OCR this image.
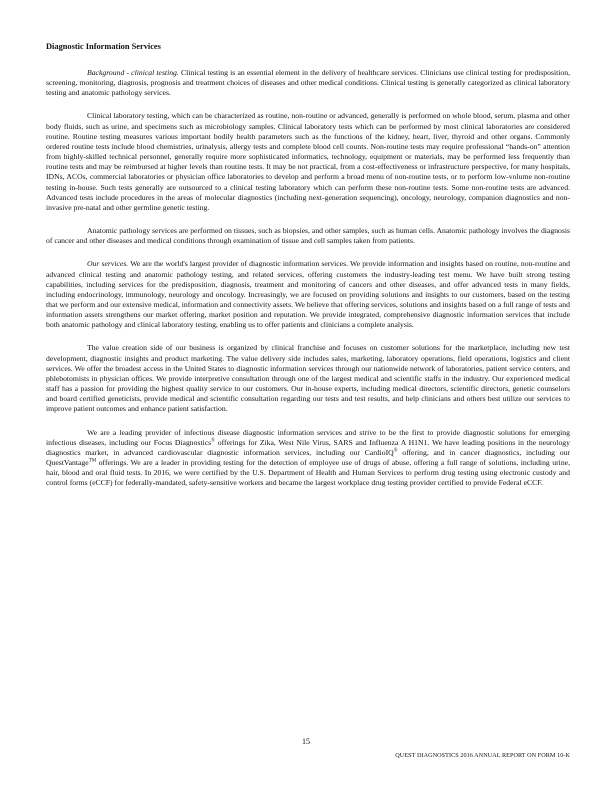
Diagnostic Information Services

Background - clinical testing. Clinical testing is an essential element in the delivery of healthcare services. Clinicians use clinical testing for predisposition, screening, monitoring, diagnosis, prognosis and treatment choices of diseases and other medical conditions. Clinical testing is generally categorized as clinical laboratory testing and anatomic pathology services.

Clinical laboratory testing, which can be characterized as routine, non-routine or advanced, generally is performed on whole blood, serum, plasma and other body fluids, such as urine, and specimens such as microbiology samples. Clinical laboratory tests which can be performed by most clinical laboratories are considered routine. Routine testing measures various important bodily health parameters such as the functions of the kidney, heart, liver, thyroid and other organs. Commonly ordered routine tests include blood chemistries, urinalysis, allergy tests and complete blood cell counts. Non-routine tests may require professional “hands-on” attention from highly-skilled technical personnel, generally require more sophisticated informatics, technology, equipment or materials, may be performed less frequently than routine tests and may be reimbursed at higher levels than routine tests. It may be not practical, from a cost-effectiveness or infrastructure perspective, for many hospitals, IDNs, ACOs, commercial laboratories or physician office laboratories to develop and perform a broad menu of non-routine tests, or to perform low-volume non-routine testing in-house. Such tests generally are outsourced to a clinical testing laboratory which can perform these non-routine tests. Some non-routine tests are advanced. Advanced tests include procedures in the areas of molecular diagnostics (including next-generation sequencing), oncology, neurology, companion diagnostics and non-invasive pre-natal and other germline genetic testing.

Anatomic pathology services are performed on tissues, such as biopsies, and other samples, such as human cells. Anatomic pathology involves the diagnosis of cancer and other diseases and medical conditions through examination of tissue and cell samples taken from patients.

Our services. We are the world's largest provider of diagnostic information services. We provide information and insights based on routine, non-routine and advanced clinical testing and anatomic pathology testing, and related services, offering customers the industry-leading test menu. We have built strong testing capabilities, including services for the predisposition, diagnosis, treatment and monitoring of cancers and other diseases, and offer advanced tests in many fields, including endocrinology, immunology, neurology and oncology. Increasingly, we are focused on providing solutions and insights to our customers, based on the testing that we perform and our extensive medical, information and connectivity assets. We believe that offering services, solutions and insights based on a full range of tests and information assets strengthens our market offering, market position and reputation. We provide integrated, comprehensive diagnostic information services that include both anatomic pathology and clinical laboratory testing, enabling us to offer patients and clinicians a complete analysis.

The value creation side of our business is organized by clinical franchise and focuses on customer solutions for the marketplace, including new test development, diagnostic insights and product marketing. The value delivery side includes sales, marketing, laboratory operations, field operations, logistics and client services. We offer the broadest access in the United States to diagnostic information services through our nationwide network of laboratories, patient service centers, and phlebotomists in physician offices. We provide interpretive consultation through one of the largest medical and scientific staffs in the industry. Our experienced medical staff has a passion for providing the highest quality service to our customers. Our in-house experts, including medical directors, scientific directors, genetic counselors and board certified geneticists, provide medical and scientific consultation regarding our tests and test results, and help clinicians and others best utilize our services to improve patient outcomes and enhance patient satisfaction.

We are a leading provider of infectious disease diagnostic information services and strive to be the first to provide diagnostic solutions for emerging infectious diseases, including our Focus Diagnostics® offerings for Zika, West Nile Virus, SARS and Influenza A H1N1. We have leading positions in the neurology diagnostics market, in advanced cardiovascular diagnostic information services, including our CardioIQ® offering, and in cancer diagnostics, including our QuestVantage™ offerings. We are a leader in providing testing for the detection of employee use of drugs of abuse, offering a full range of solutions, including urine, hair, blood and oral fluid tests. In 2016, we were certified by the U.S. Department of Health and Human Services to perform drug testing using electronic custody and control forms (eCCF) for federally-mandated, safety-sensitive workers and became the largest workplace drug testing provider certified to provide Federal eCCF.

15
QUEST DIAGNOSTICS 2016 ANNUAL REPORT ON FORM 10-K
